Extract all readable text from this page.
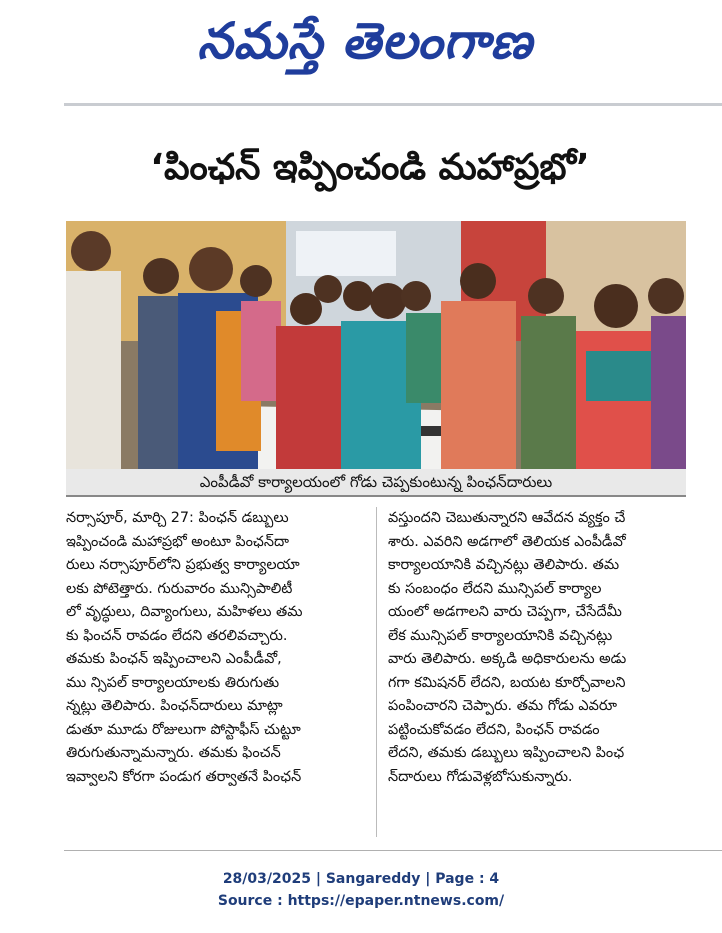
నమస్తే తెలంగాణ
‘పింఛన్ ఇప్పించండి మహాప్రభో’
ఎంపీడీవో కార్యాలయంలో గోడు చెప్పకుంటున్న పింఛన్‌దారులు
నర్సాపూర్, మార్చి 27: పింఛన్ డబ్బులు
ఇప్పించండి మహాప్రభో అంటూ పింఛన్‌దా
రులు నర్సాపూర్‌లోని ప్రభుత్వ కార్యాలయా
లకు పోటెత్తారు. గురువారం మున్సిపాలిటీ
లో వృద్ధులు, దివ్యాంగులు, మహిళలు తమ
కు ఫించన్ రావడం లేదని తరలివచ్చారు.
తమకు పింఛన్ ఇప్పించాలని ఎంపీడీవో,
ము న్సిపల్ కార్యాలయాలకు తిరుగుతు
న్నట్లు తెలిపారు. పింఛన్‌దారులు మాట్లా
డుతూ మూడు రోజులుగా పోస్టాఫీస్ చుట్టూ
తిరుగుతున్నామన్నారు. తమకు ఫించన్
ఇవ్వాలని కోరగా పండుగ తర్వాతనే పింఛన్
వస్తుందని చెబుతున్నారని ఆవేదన వ్యక్తం చే
శారు. ఎవరిని అడగాలో తెలియక ఎంపీడీవో
కార్యాలయానికి వచ్చినట్లు తెలిపారు. తమ
కు సంబంధం లేదని మున్సిపల్ కార్యాల
యంలో అడగాలని వారు చెప్పగా, చేసేదేమీ
లేక మున్సిపల్ కార్యాలయానికి వచ్చినట్లు
వారు తెలిపారు. అక్కడి అధికారులను అడు
గగా కమిషనర్ లేదని, బయట కూర్చోవాలని
పంపించారని చెప్పారు. తమ గోడు ఎవరూ
పట్టించుకోవడం లేదని, పింఛన్ రావడం
లేదని, తమకు డబ్బులు ఇప్పించాలని పింఛ
న్‌దారులు గోడువెళ్లబోసుకున్నారు.
28/03/2025 | Sangareddy | Page : 4
Source : https://epaper.ntnews.com/
